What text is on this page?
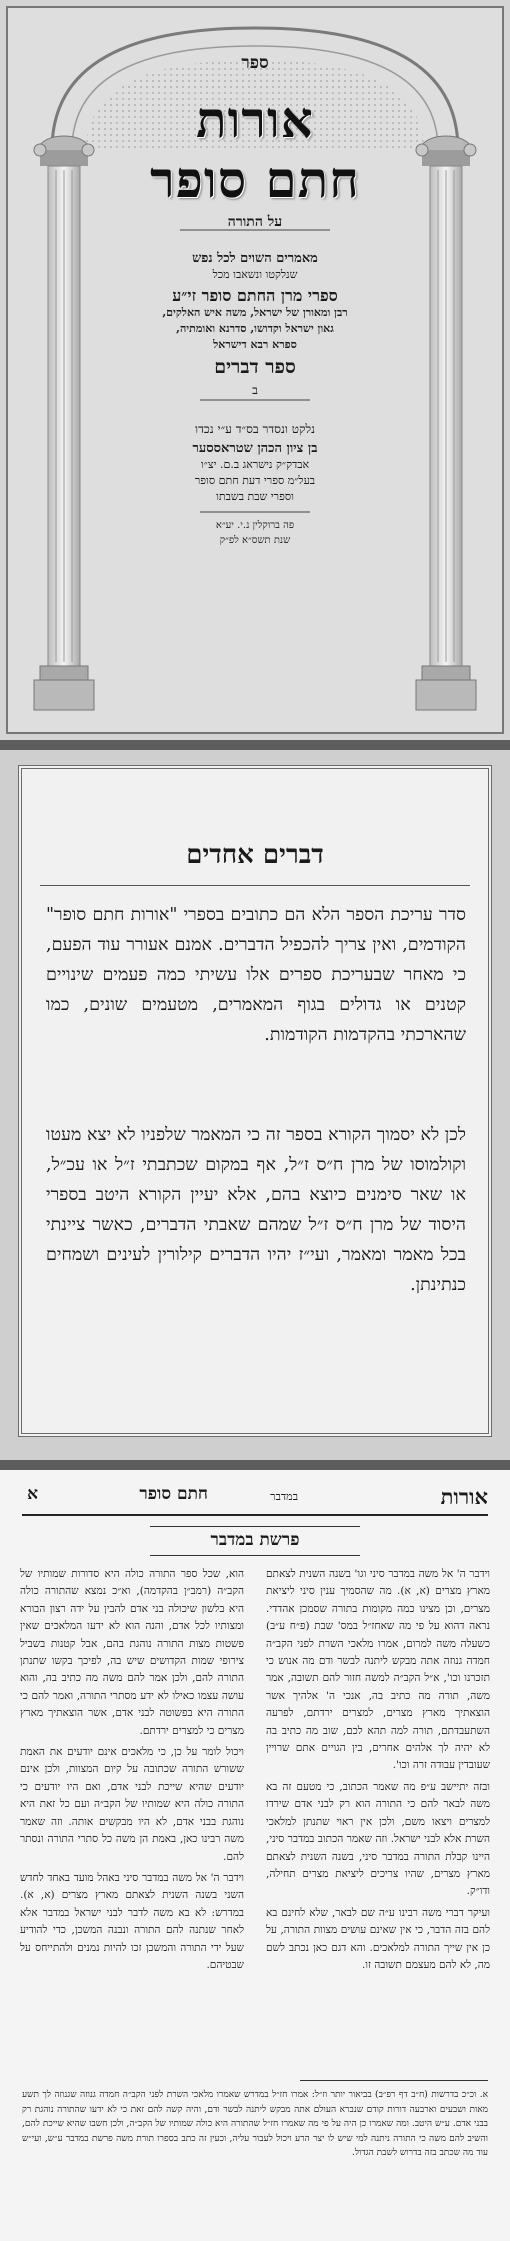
ספר
אורות
חתם סופר
על התורה
מאמרים השוים לכל נפש
שנלקטו ונשאבו מכל
ספרי מרן החתם סופר זי״ע
רבן ומאורן של ישראל, משה איש האלקים,
גאון ישראל וקדושו, סדרנא ואומתיה,
ספרא רבא דישראל
ספר דברים
ב
נלקט ונסדר בס״ד ע״י נכדו
בן ציון הכהן שטראססער
אבדק״ק נישראג ב.ם. יצ״ו
בעל״מ ספרי דעת חתם סופר
וספרי שבת בשבתו
פה ברוקלין נ.י. יע״א
שנת תשס״א לפ״ק
דברים אחדים
סדר עריכת הספר הלא הם כתובים בספרי "אורות חתם סופר" הקודמים, ואין צריך להכפיל הדברים. אמנם אעורר עוד הפעם, כי מאחר שבעריכת ספרים אלו עשיתי כמה פעמים שינויים קטנים או גדולים בגוף המאמרים, מטעמים שונים, כמו שהארכתי בהקדמות הקודמות.
לכן לא יסמוך הקורא בספר זה כי המאמר שלפניו לא יצא מעטו וקולמוסו של מרן ח״ס ז״ל, אף במקום שכתבתי ז״ל או עכ״ל, או שאר סימנים כיוצא בהם, אלא יעיין הקורא היטב בספרי היסוד של מרן ח״ס ז״ל שמהם שאבתי הדברים, כאשר ציינתי בכל מאמר ומאמר, ועי״ז יהיו הדברים קילורין לעינים ושמחים כנתינתן.
אורות
במדבר
חתם סופר
א
פרשת במדבר

וידבר ה' אל משה במדבר סיני וגו' בשנה השנית לצאתם מארץ מצרים (א, א). מה שהסמיך ענין סיני ליציאת מצרים, וכן מצינו כמה מקומות בתורה שסמכן אהדדי. נראה דהוא על פי מה שאחז״ל במס' שבת (פ״ח ע״ב) כשעלה משה למרום, אמרו מלאכי השרת לפני הקב״ה חמדה גנוזה אתה מבקש ליתנה לבשר ודם מה אנוש כי תזכרנו וכו', א״ל הקב״ה למשה חזור להם תשובה, אמר משה, תורה מה כתיב בה, אנכי ה' אלהיך אשר הוצאתיך מארץ מצרים, למצרים ירדתם, לפרעה השתעבדתם, תורה למה תהא לכם, שוב מה כתיב בה לא יהיה לך אלהים אחרים, בין הגויים אתם שרויין שעובדין עבודה זרה וכו'.

ובזה יתיישב ע״פ מה שאמר הכתוב, כי מטעם זה בא משה לבאר להם כי התורה הוא רק לבני אדם שירדו למצרים ויצאו משם, ולכן אין ראוי שתנתן למלאכי השרת אלא לבני ישראל. וזה שאמר הכתוב במדבר סיני, היינו קבלת התורה במדבר סיני, בשנה השנית לצאתם מארץ מצרים, שהיו צריכים ליציאת מצרים תחילה, ודו״ק.

ועיקר דברי משה רבינו ע״ה שם לבאר, שלא לחינם בא להם בזה הדבר, כי אין שאינם עושים מצוות התורה, על כן אין שייך התורה למלאכים. והא דגם כאן נכתב לשם מה, לא להם מעצמם תשובה זו.

הוא, שכל ספר התורה כולה היא סדורות שמותיו של הקב״ה (רמב״ן בהקדמה), וא״כ נמצא שהתורה כולה היא בלשון שיכולה בני אדם להבין על ידה רצון הבורא ומצותיו לכל אדם, והנה הוא לא ידעו המלאכים שאין פשטות מצות התורה נוהגת בהם, אבל קטנות בשביל צירופי שמות הקדושים שיש בה, לפיכך בקשו שתנתן התורה להם, ולכן אמר להם משה מה כתיב בה, והוא עושה עצמו כאילו לא ידע מסתרי התורה, ואמר להם כי התורה היא בפשוטה לבני אדם, אשר הוצאתיך מארץ מצרים כי למצרים ירדתם.

ויכול לומר על כן, כי מלאכים אינם יודעים את האמת ששורש התורה שכתובה על קיום המצוות, ולכן אינם יודעים שהיא שייכת לבני אדם, ואם היו יודעים כי התורה כולה היא שמותיו של הקב״ה ועם כל זאת היא נוהגת בבני אדם, לא היו מבקשים אותה. וזה שאמר משה רבינו כאן, באמת הן משה כל סתרי התורה ונסתר להם.

וידבר ה' אל משה במדבר סיני באהל מועד באחד לחדש השני בשנה השנית לצאתם מארץ מצרים (א, א). במדרש: לא בא משה לדבר לבני ישראל במדבר אלא לאחר שנתנה להם התורה ונבנה המשכן, כדי להודיע שעל ידי התורה והמשכן זכו להיות נמנים ולהתייחס על שבטיהם.

א. וכ״כ בדרשות (ח״ב דף רפ״ב) בביאור יותר וז״ל: אמרו חז״ל במדרש שאמרו מלאכי השרת לפני הקב״ה חמדה גנוזה שגנוזה לך תשע מאות ושבעים וארבעה דורות קודם שנברא העולם אתה מבקש ליתנה לבשר ודם, והיה קשה להם זאת כי לא ידעו שהתורה נוהגת רק בבני אדם. ע״ש היטב. ומה שאמרו כן היה על פי מה שאמרו חז״ל שהתורה היא כולה שמותיו של הקב״ה, ולכן חשבו שהיא שייכת להם, והשיב להם משה כי התורה ניתנה למי שיש לו יצר הרע ויכול לעבור עליה, וכעין זה כתב בספרו תורת משה פרשת במדבר ע״ש, ועי״ש עוד מה שכתב בזה בדרוש לשבת הגדול.
